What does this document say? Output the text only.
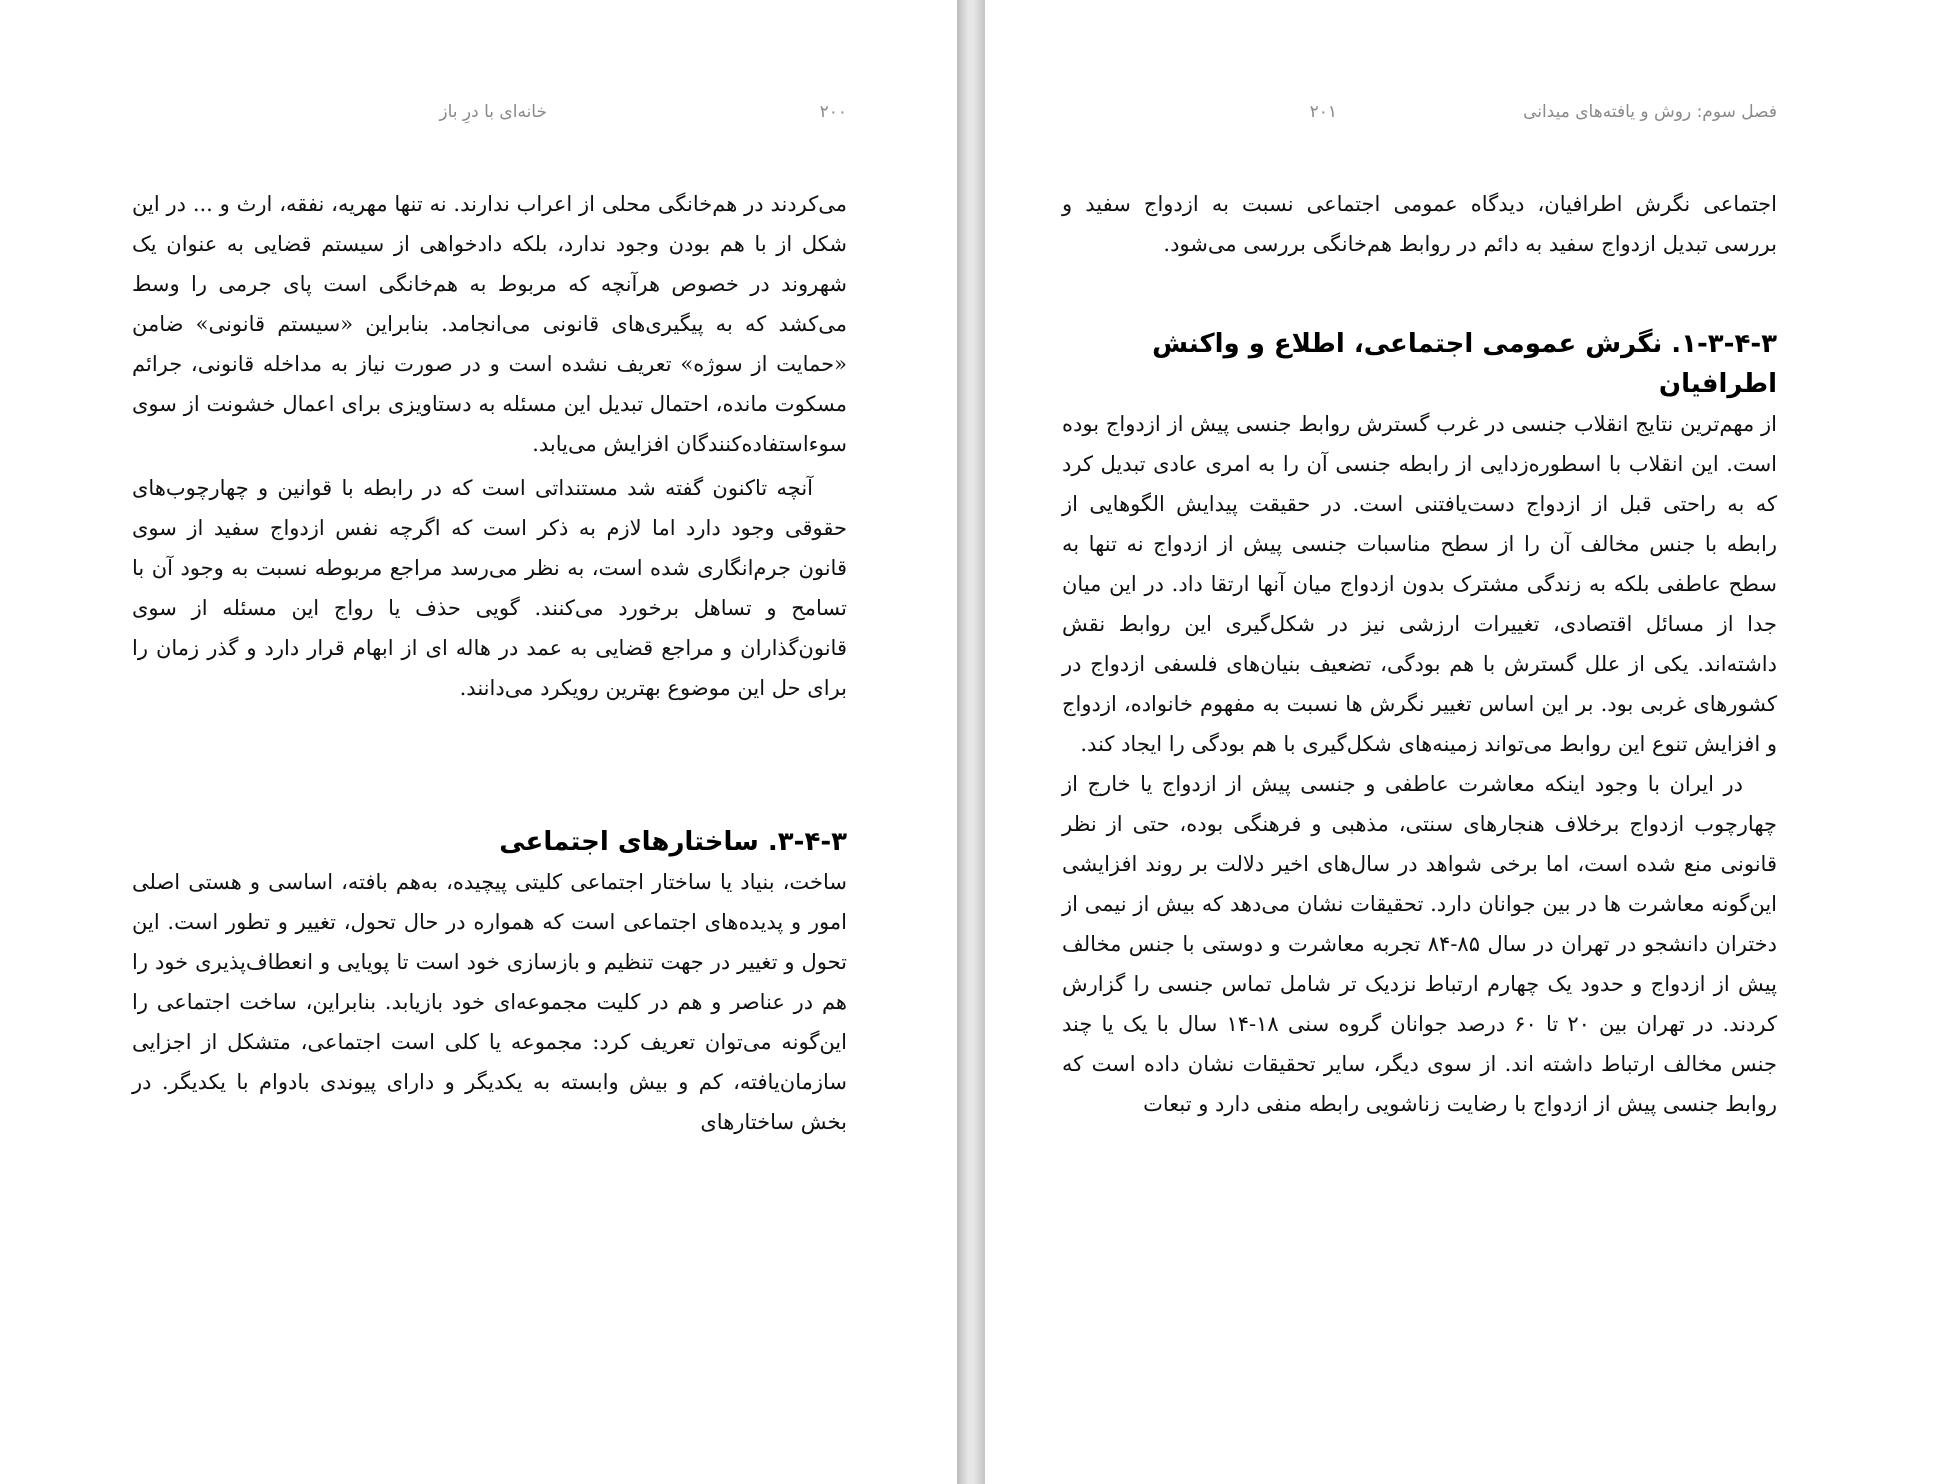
خانه‌ای با درِ باز	۲۰۰

می‌کردند در هم‌خانگی محلی از اعراب ندارند. نه تنها مهریه، نفقه، ارث و ... در این شکل از با هم بودن وجود ندارد، بلکه دادخواهی از سیستم قضایی به عنوان یک شهروند در خصوص هرآنچه که مربوط به هم‌خانگی است پای جرمی را وسط می‌کشد که به پیگیری‌های قانونی می‌انجامد. بنابراین «سیستم قانونی» ضامن «حمایت از سوژه» تعریف نشده است و در صورت نیاز به مداخله قانونی، جرائم مسکوت مانده، احتمال تبدیل این مسئله به دستاویزی برای اعمال خشونت از سوی سوءاستفاده‌کنندگان افزایش می‌یابد.

آنچه تاکنون گفته شد مستنداتی است که در رابطه با قوانین و چهارچوب‌های حقوقی وجود دارد اما لازم به ذکر است که اگرچه نفس ازدواج سفید از سوی قانون جرم‌انگاری شده است، به نظر می‌رسد مراجع مربوطه نسبت به وجود آن با تسامح و تساهل برخورد می‌کنند. گویی حذف یا رواج این مسئله از سوی قانون‌گذاران و مراجع قضایی به عمد در هاله ای از ابهام قرار دارد و گذر زمان را برای حل این موضوع بهترین رویکرد می‌دانند.

۳-۴-۳. ساختارهای اجتماعی

ساخت، بنیاد یا ساختار اجتماعی کلیتی پیچیده، به‌هم بافته، اساسی و هستی اصلی امور و پدیده‌های اجتماعی است که همواره در حال تحول، تغییر و تطور است. این تحول و تغییر در جهت تنظیم و بازسازی خود است تا پویایی و انعطاف‌پذیری خود را هم در عناصر و هم در کلیت مجموعه‌ای خود بازیابد. بنابراین، ساخت اجتماعی را این‌گونه می‌توان تعریف کرد: مجموعه یا کلی است اجتماعی، متشکل از اجزایی سازمان‌یافته، کم و بیش وابسته به یکدیگر و دارای پیوندی بادوام با یکدیگر. در بخش ساختارهای

فصل سوم: روش و یافته‌های میدانی
۲۰۱

اجتماعی نگرش اطرافیان، دیدگاه عمومی اجتماعی نسبت به ازدواج سفید و بررسی تبدیل ازدواج سفید به دائم در روابط هم‌خانگی بررسی می‌شود.

۱-۳-۴-۳. نگرش عمومی اجتماعی، اطلاع و واکنش اطرافیان

از مهم‌ترین نتایج انقلاب جنسی در غرب گسترش روابط جنسی پیش از ازدواج بوده است. این انقلاب با اسطوره‌زدایی از رابطه جنسی آن را به امری عادی تبدیل کرد که به راحتی قبل از ازدواج دست‌یافتنی است. در حقیقت پیدایش الگوهایی از رابطه با جنس مخالف آن را از سطح مناسبات جنسی پیش از ازدواج نه تنها به سطح عاطفی بلکه به زندگی مشترک بدون ازدواج میان آنها ارتقا داد. در این میان جدا از مسائل اقتصادی، تغییرات ارزشی نیز در شکل‌گیری این روابط نقش داشته‌اند. یکی از علل گسترش با هم بودگی، تضعیف بنیان‌های فلسفی ازدواج در کشورهای غربی بود. بر این اساس تغییر نگرش ها نسبت به مفهوم خانواده، ازدواج و افزایش تنوع این روابط می‌تواند زمینه‌های شکل‌گیری با هم بودگی را ایجاد کند.

در ایران با وجود اینکه معاشرت عاطفی و جنسی پیش از ازدواج یا خارج از چهارچوب ازدواج برخلاف هنجارهای سنتی، مذهبی و فرهنگی بوده، حتی از نظر قانونی منع شده است، اما برخی شواهد در سال‌های اخیر دلالت بر روند افزایشی این‌گونه معاشرت ها در بین جوانان دارد. تحقیقات نشان می‌دهد که بیش از نیمی از دختران دانشجو در تهران در سال ۸۵-۸۴ تجربه معاشرت و دوستی با جنس مخالف پیش از ازدواج و حدود یک چهارم ارتباط نزدیک تر شامل تماس جنسی را گزارش کردند. در تهران بین ۲۰ تا ۶۰ درصد جوانان گروه سنی ۱۸-۱۴ سال با یک یا چند جنس مخالف ارتباط داشته اند. از سوی دیگر، سایر تحقیقات نشان داده است که روابط جنسی پیش از ازدواج با رضایت زناشویی رابطه منفی دارد و تبعات
